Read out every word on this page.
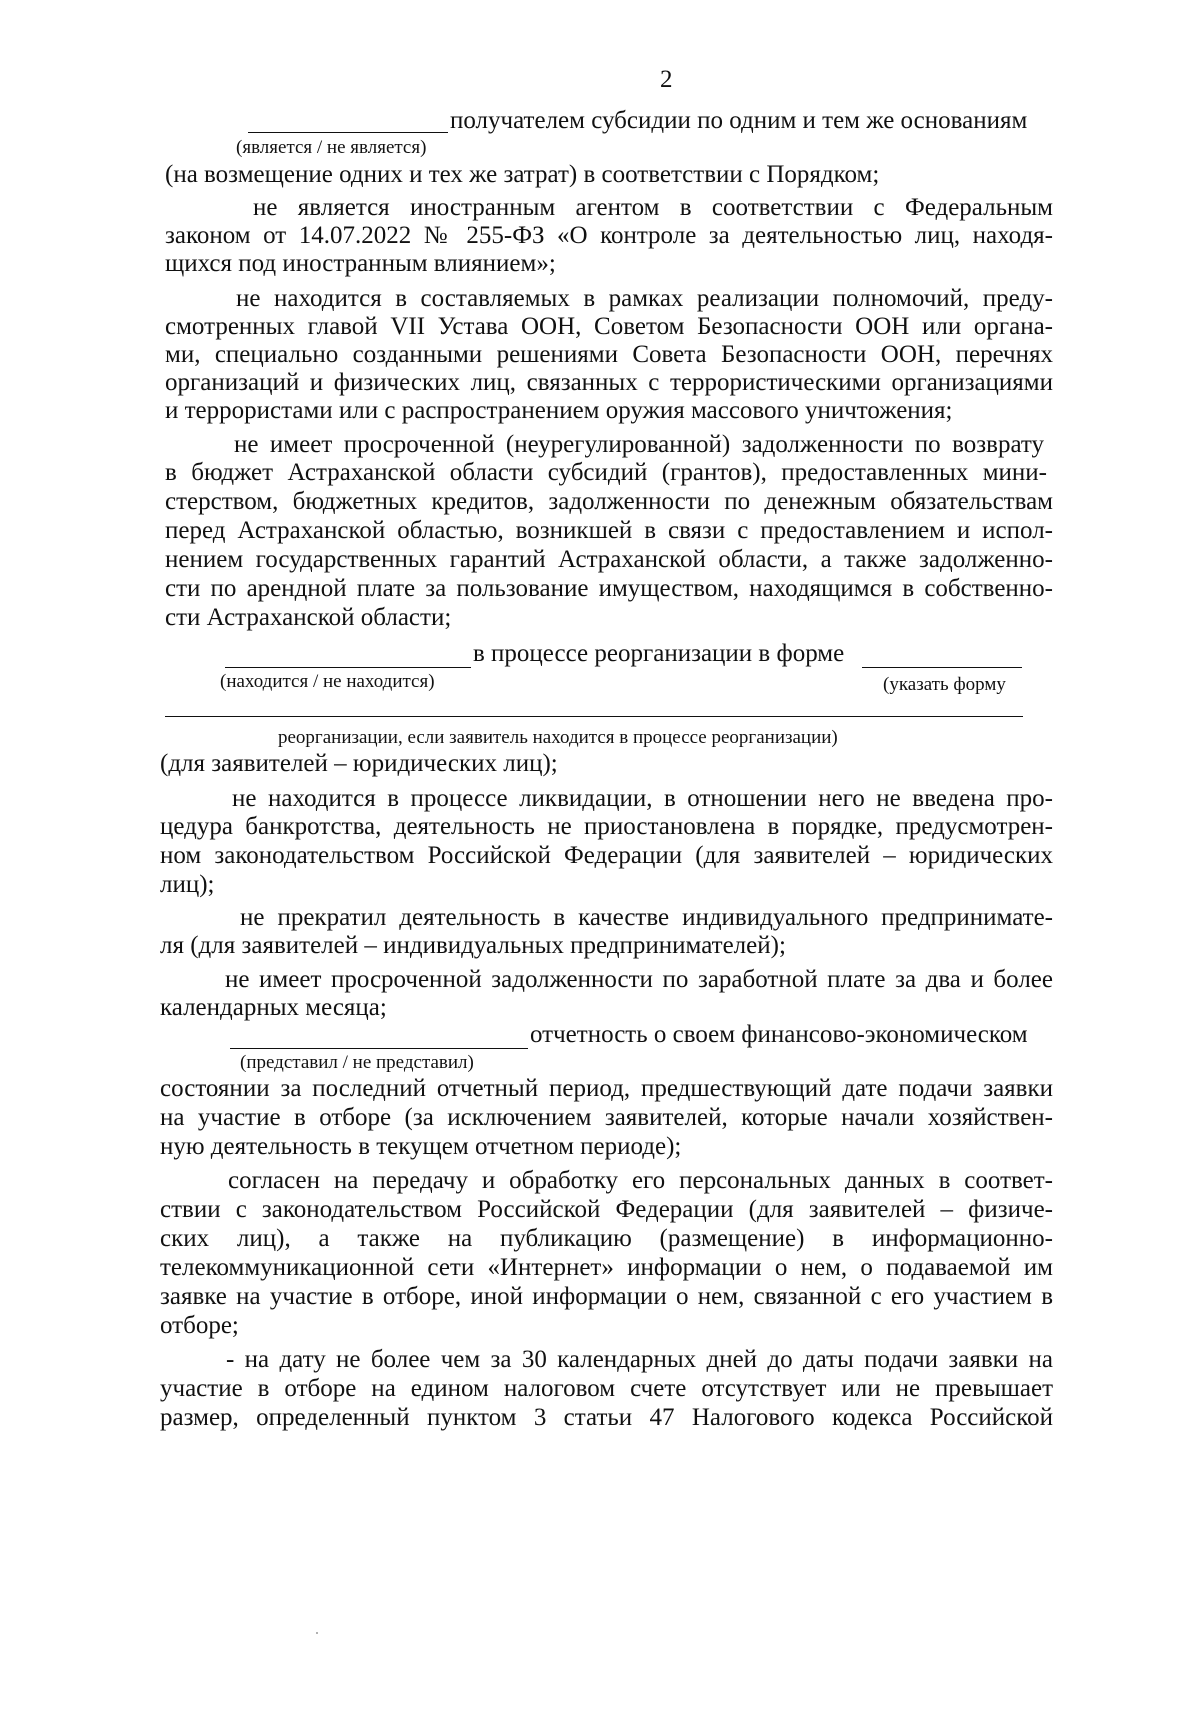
2
получателем субсидии по одним и тем же основаниям
(является / не является)
(на возмещение одних и тех же затрат) в соответствии с Порядком;
не является иностранным агентом в соответствии с Федеральным
законом от 14.07.2022 № 255-ФЗ «О контроле за деятельностью лиц, находя-
щихся под иностранным влиянием»;
не находится в составляемых в рамках реализации полномочий, преду-
смотренных главой VII Устава ООН, Советом Безопасности ООН или органа-
ми, специально созданными решениями Совета Безопасности ООН, перечнях
организаций и физических лиц, связанных с террористическими организациями
и террористами или с распространением оружия массового уничтожения;
не имеет просроченной (неурегулированной) задолженности по возврату
в бюджет Астраханской области субсидий (грантов), предоставленных мини-
стерством, бюджетных кредитов, задолженности по денежным обязательствам
перед Астраханской областью, возникшей в связи с предоставлением и испол-
нением государственных гарантий Астраханской области, а также задолженно-
сти по арендной плате за пользование имуществом, находящимся в собственно-
сти Астраханской области;
в процессе реорганизации в форме
(находится / не находится)	(указать форму
реорганизации, если заявитель находится в процессе реорганизации)
(для заявителей – юридических лиц);
не находится в процессе ликвидации, в отношении него не введена про-
цедура банкротства, деятельность не приостановлена в порядке, предусмотрен-
ном законодательством Российской Федерации (для заявителей – юридических
лиц);
не прекратил деятельность в качестве индивидуального предпринимате-
ля (для заявителей – индивидуальных предпринимателей);
не имеет просроченной задолженности по заработной плате за два и более
календарных месяца;
отчетность о своем финансово-экономическом
(представил / не представил)
состоянии за последний отчетный период, предшествующий дате подачи заявки
на участие в отборе (за исключением заявителей, которые начали хозяйствен-
ную деятельность в текущем отчетном периоде);
согласен на передачу и обработку его персональных данных в соответ-
ствии с законодательством Российской Федерации (для заявителей – физиче-
ских лиц), а также на публикацию (размещение) в информационно-
телекоммуникационной сети «Интернет» информации о нем, о подаваемой им
заявке на участие в отборе, иной информации о нем, связанной с его участием в
отборе;
- на дату не более чем за 30 календарных дней до даты подачи заявки на
участие в отборе на едином налоговом счете отсутствует или не превышает
размер, определенный пунктом 3 статьи 47 Налогового кодекса Российской
